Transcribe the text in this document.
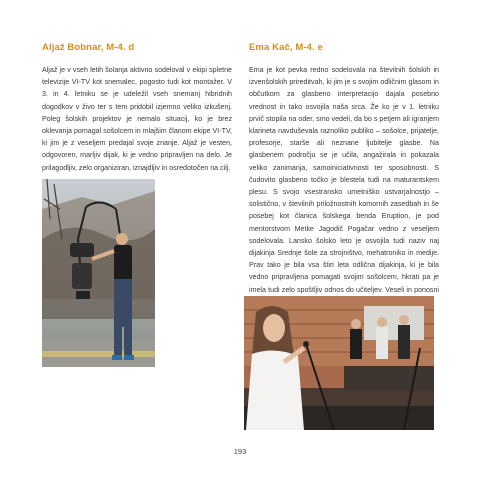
Aljaž Bobnar, M-4. d

Aljaž je v vseh letih šolanja aktivno sodeloval v ekipi spletne televizije VI-TV kot snemalec, pogosto tudi kot montažer. V 3. in 4. letniku se je udeležil vseh snemanj hibridnih dogodkov v živo ter s tem pridobil izjemno veliko izkušenj. Poleg šolskih projektov je nemalo situacij, ko je brez oklevanja pomagal sošolcem in mlajšim članom ekipe VI-TV, ki jim je z veseljem predajal svoje znanje. Aljaž je vesten, odgovoren, marljiv dijak, ki je vedno pripravljen na delo. Je prilagodljiv, zelo organiziran, iznajdljiv in osredotočen na cilj.

Ema Kač, M-4. e

Ema je kot pevka redno sodelovala na številnih šolskih in izvenšolskih prireditvah, ki jim je s svojim odličnim glasom in občutkom za glasbeno interpretacijo dajala posebno vrednost in tako osvojila naša srca. Že ko je v 1. letniku prvič stopila na oder, smo vedeli, da bo s petjem ali igranjem klarineta navduševala raznoliko publiko – sošolce, prijatelje, profesorje, starše ali neznane ljubitelje glasbe. Na glasbenem področju se je učila, angažirala in pokazala veliko zanimanja, samoiniciativnosti ter sposobnosti. S čudovito glasbeno točko je blestela tudi na maturantskem plesu. S svojo vsestransko umetniško ustvarjalnostjo – solistično, v številnih priložnostnih komornih zasedbah in še posebej kot članica šolskega benda Eruption, je pod mentorstvom Metke Jagodič Pogačar vedno z veseljem sodelovala. Lansko šolsko leto je osvojila tudi naziv naj dijakinja Srednje šole za strojništvo, mehatroniko in medije. Prav tako je bila vsa štiri leta odlična dijakinja, ki je bila vedno pripravljena pomagati svojim sošolcem, hkrati pa je imela tudi zelo spoštljiv odnos do učiteljev. Veseli in ponosni

193
